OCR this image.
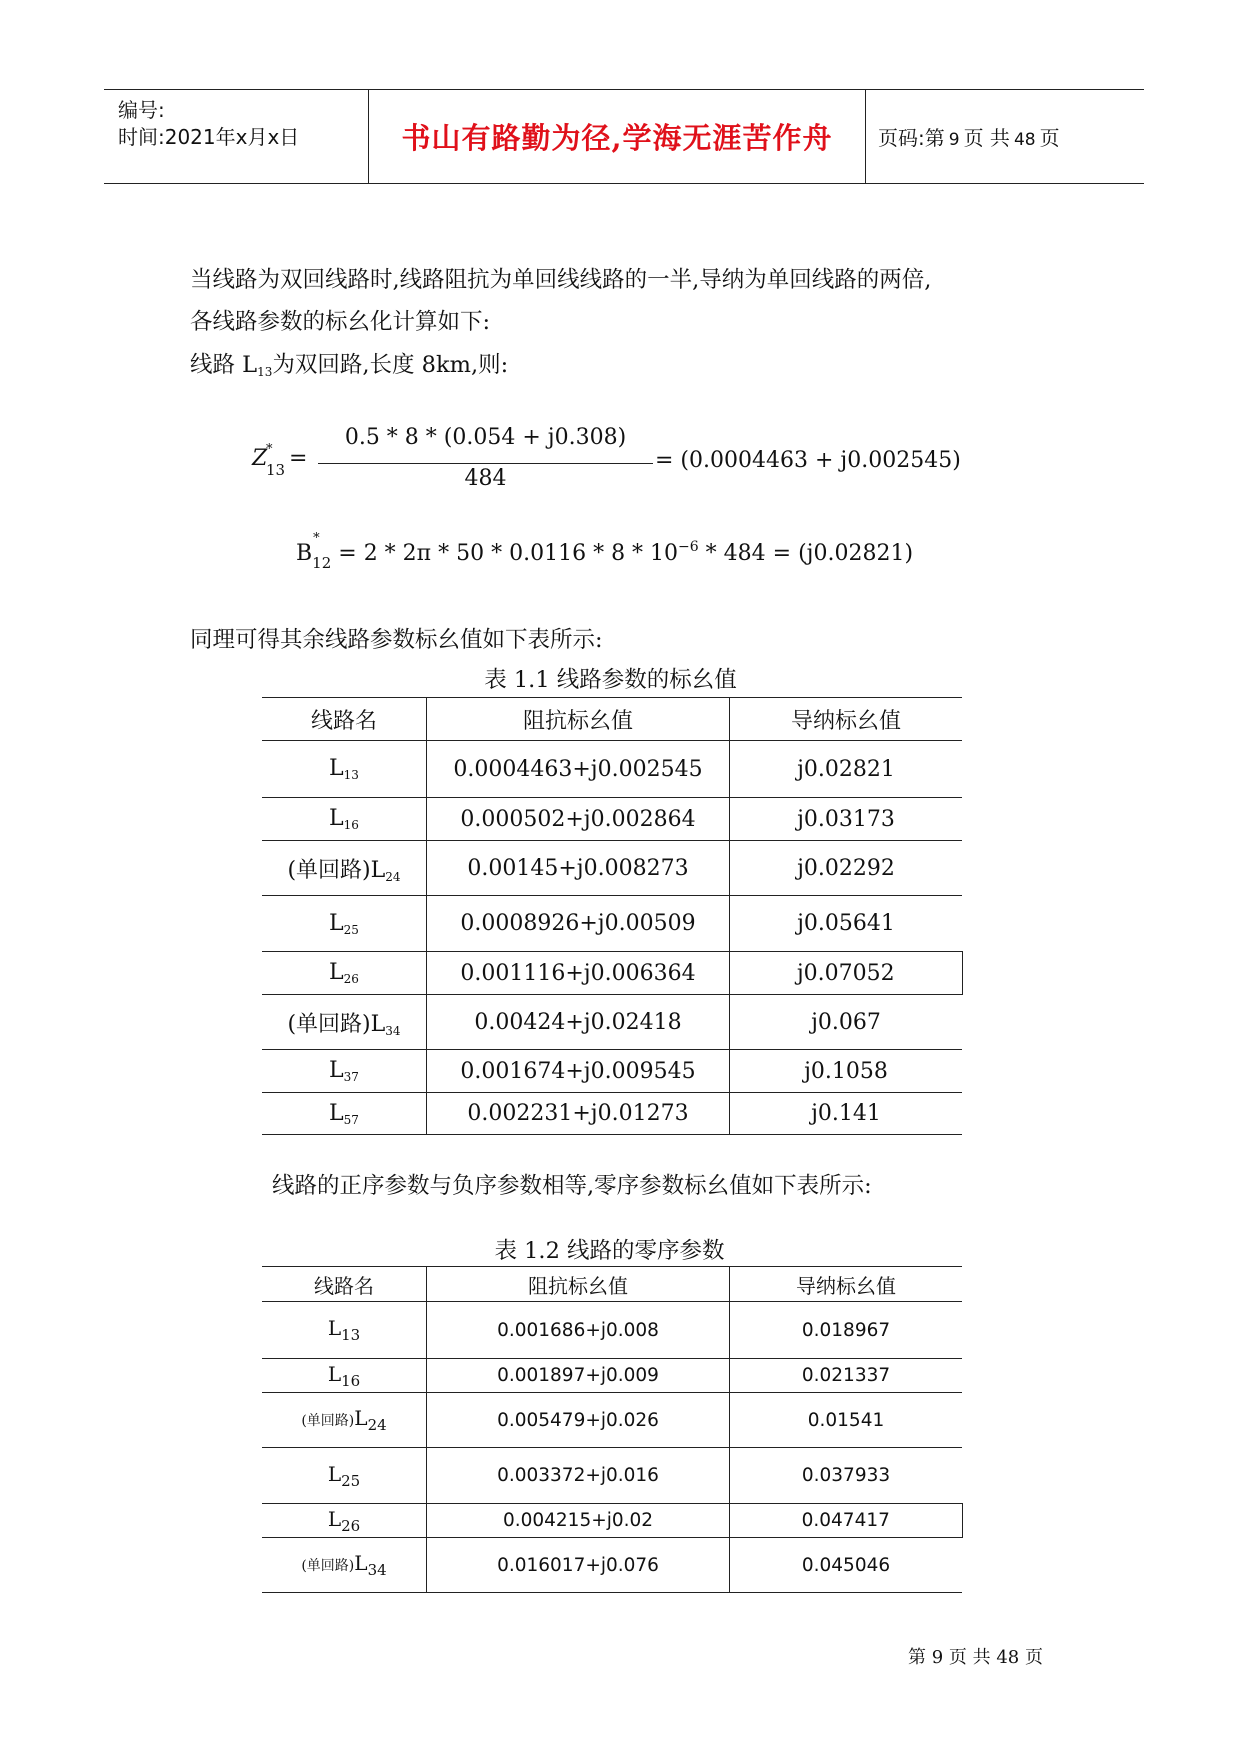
编号:
时间:2021年x月x日	书山有路勤为径,学海无涯苦作舟	页码:第 9 页 共 48 页
当线路为双回线路时,线路阻抗为单回线线路的一半,导纳为单回线路的两倍,
各线路参数的标幺化计算如下:
线路 $L_{13}$为双回路,长度 8km,则:
Z
*
13 =
0.5 * 8 * (0.054 + j0.308)
484
= (0.0004463 + j0.002545)
B
*
$_{12} = 2 * 2\pi * 50 * 0.0116 * 8 * 10^{-6} * 484 = (j0.02821)$
同理可得其余线路参数标幺值如下表所示:
表 1.1 线路参数的标幺值
线路名	阻抗标幺值	导纳标幺值
$L_{13}$	0.0004463+j0.002545	j0.02821
$L_{16}$	0.000502+j0.002864	j0.03173
(单回路)$L_{24}$	0.00145+j0.008273	j0.02292
$L_{25}$	0.0008926+j0.00509	j0.05641
$L_{26}$	0.001116+j0.006364	j0.07052
(单回路)$L_{34}$	0.00424+j0.02418	j0.067
$L_{37}$	0.001674+j0.009545	j0.1058
$L_{57}$	0.002231+j0.01273	j0.141
线路的正序参数与负序参数相等,零序参数标幺值如下表所示:
表 1.2 线路的零序参数
线路名	阻抗标幺值	导纳标幺值
$L_{13}$	0.001686+j0.008	0.018967
$L_{16}$	0.001897+j0.009	0.021337
(单回路)$L_{24}$	0.005479+j0.026	0.01541
$L_{25}$	0.003372+j0.016	0.037933
$L_{26}$	0.004215+j0.02	0.047417
(单回路)$L_{34}$	0.016017+j0.076	0.045046
第 9 页 共 48 页
